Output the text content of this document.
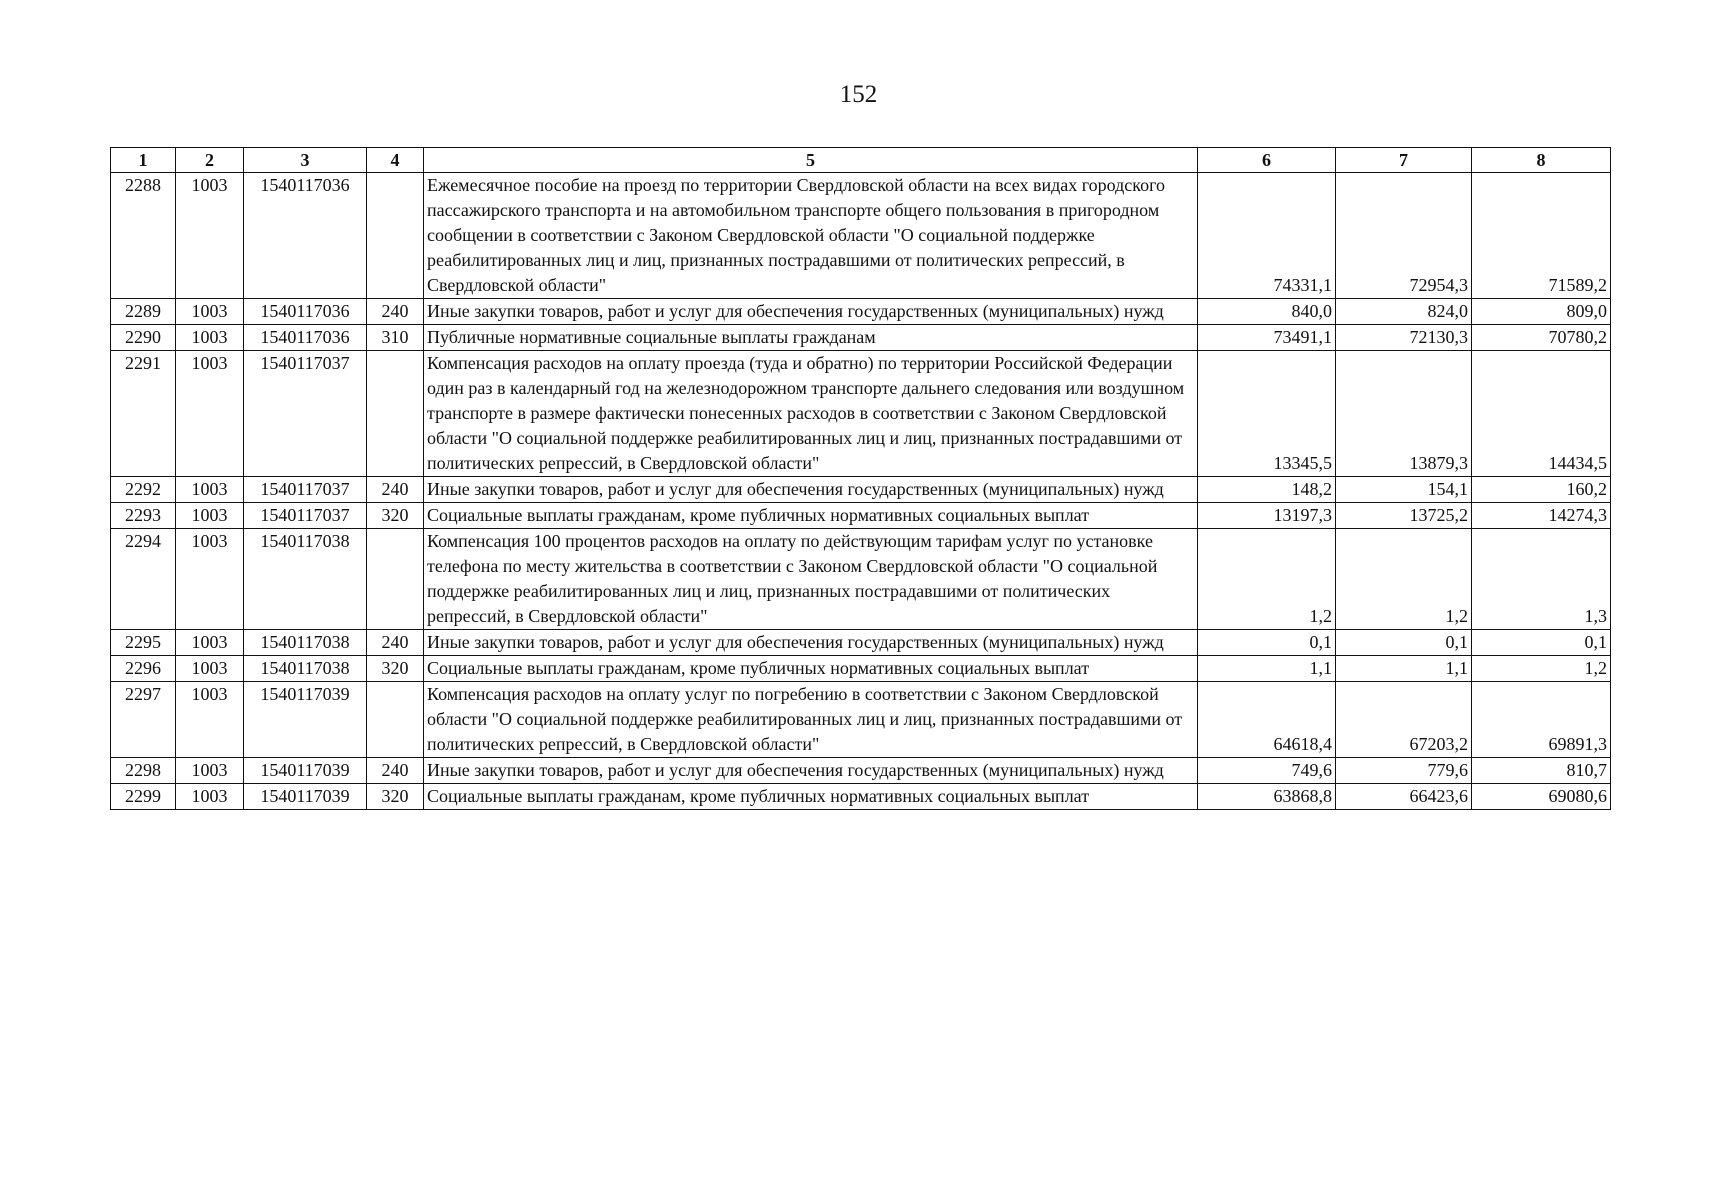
152
1	2	3	4	5	6	7	8
2288	1003	1540117036		Ежемесячное пособие на проезд по территории Свердловской области на всех видах городского пассажирского транспорта и на автомобильном транспорте общего пользования в пригородном сообщении в соответствии с Законом Свердловской области "О социальной поддержке реабилитированных лиц и лиц, признанных пострадавшими от политических репрессий, в Свердловской области"	74331,1	72954,3	71589,2
2289	1003	1540117036	240	Иные закупки товаров, работ и услуг для обеспечения государственных (муниципальных) нужд	840,0	824,0	809,0
2290	1003	1540117036	310	Публичные нормативные социальные выплаты гражданам	73491,1	72130,3	70780,2
2291	1003	1540117037		Компенсация расходов на оплату проезда (туда и обратно) по территории Российской Федерации один раз в календарный год на железнодорожном транспорте дальнего следования или воздушном транспорте в размере фактически понесенных расходов в соответствии с Законом Свердловской области "О социальной поддержке реабилитированных лиц и лиц, признанных пострадавшими от политических репрессий, в Свердловской области"	13345,5	13879,3	14434,5
2292	1003	1540117037	240	Иные закупки товаров, работ и услуг для обеспечения государственных (муниципальных) нужд	148,2	154,1	160,2
2293	1003	1540117037	320	Социальные выплаты гражданам, кроме публичных нормативных социальных выплат	13197,3	13725,2	14274,3
2294	1003	1540117038		Компенсация 100 процентов расходов на оплату по действующим тарифам услуг по установке телефона по месту жительства в соответствии с Законом Свердловской области "О социальной поддержке реабилитированных лиц и лиц, признанных пострадавшими от политических репрессий, в Свердловской области"	1,2	1,2	1,3
2295	1003	1540117038	240	Иные закупки товаров, работ и услуг для обеспечения государственных (муниципальных) нужд	0,1	0,1	0,1
2296	1003	1540117038	320	Социальные выплаты гражданам, кроме публичных нормативных социальных выплат	1,1	1,1	1,2
2297	1003	1540117039		Компенсация расходов на оплату услуг по погребению в соответствии с Законом Свердловской области "О социальной поддержке реабилитированных лиц и лиц, признанных пострадавшими от политических репрессий, в Свердловской области"	64618,4	67203,2	69891,3
2298	1003	1540117039	240	Иные закупки товаров, работ и услуг для обеспечения государственных (муниципальных) нужд	749,6	779,6	810,7
2299	1003	1540117039	320	Социальные выплаты гражданам, кроме публичных нормативных социальных выплат	63868,8	66423,6	69080,6
